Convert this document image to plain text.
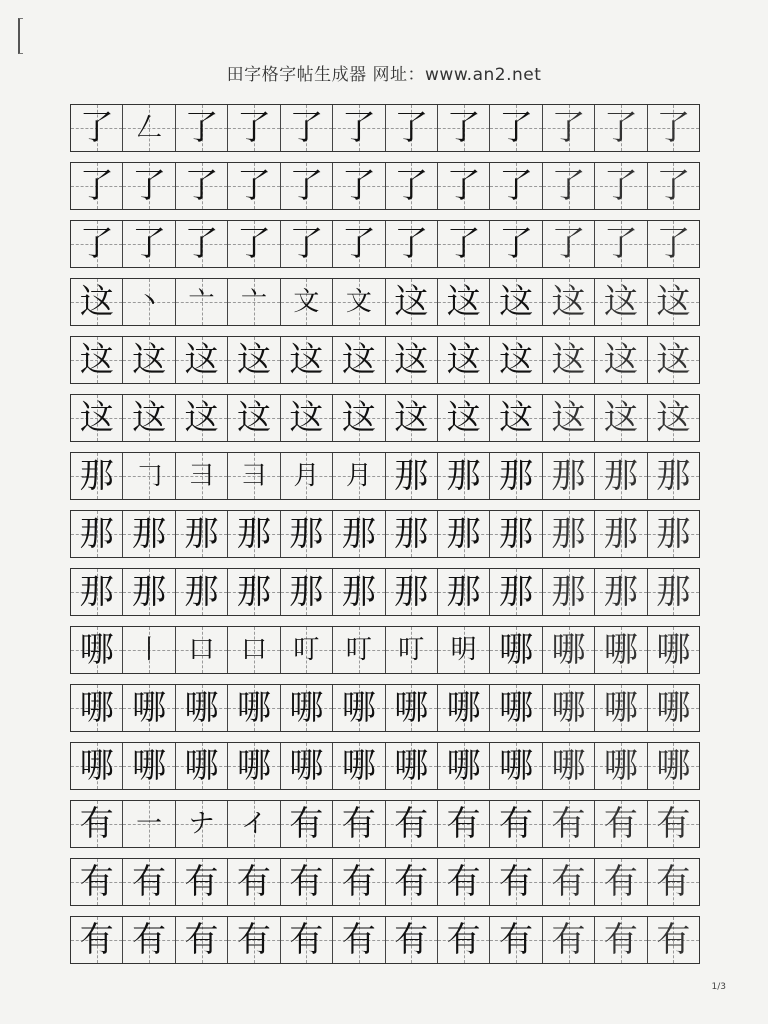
田字格字帖生成器 网址：www.an2.net
了 𠃋 了 了 了 了 了 了 了 了 了 了
了 了 了 了 了 了 了 了 了 了 了 了
了 了 了 了 了 了 了 了 了 了 了 了
这 丶 亠 亠 文 文 这 这 这 这 这 这
这 这 这 这 这 这 这 这 这 这 这 这
这 这 这 这 这 这 这 这 这 这 这 这
那 𠃌 ⺕ ⺕ 月 月 那 那 那 那 那 那
那 那 那 那 那 那 那 那 那 那 那 那
那 那 那 那 那 那 那 那 那 那 那 那
哪 丨 口 口 叮 叮 叮 明 哪 哪 哪 哪
哪 哪 哪 哪 哪 哪 哪 哪 哪 哪 哪 哪
哪 哪 哪 哪 哪 哪 哪 哪 哪 哪 哪 哪
有 一 ナ イ 有 有 有 有 有 有 有 有
有 有 有 有 有 有 有 有 有 有 有 有
有 有 有 有 有 有 有 有 有 有 有 有
1/3
